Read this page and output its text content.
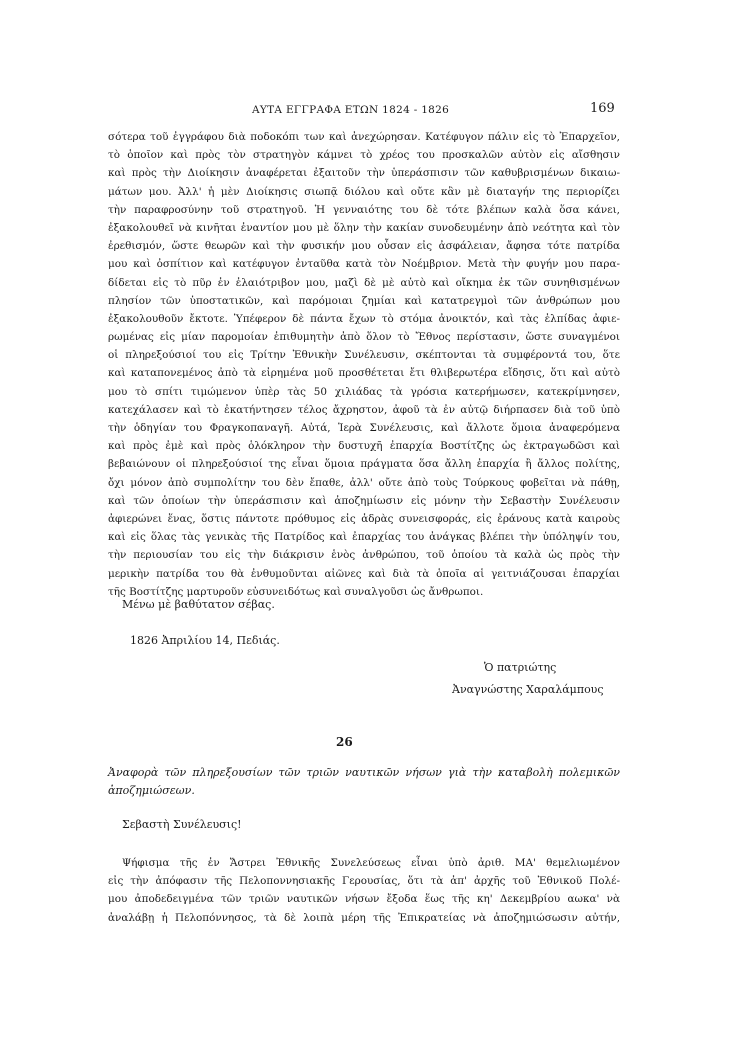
ΑΥΤΑ ΕΓΓΡΑΦΑ ΕΤΩΝ 1824 - 1826	169
σότερα τοῦ ἐγγράφου διὰ ποδοκόπι των καὶ ἀνεχώρησαν. Κατέφυγον πάλιν εἰς τὸ Ἐπαρχεῖον,
τὸ ὁποῖον καὶ πρὸς τὸν στρατηγὸν κάμνει τὸ χρέος του προσκαλῶν αὐτὸν εἰς αἴσθησιν
καὶ πρὸς τὴν Διοίκησιν ἀναφέρεται ἐξαιτοῦν τὴν ὑπεράσπισιν τῶν καθυβρισμένων δικαιω-
μάτων μου. Ἀλλ' ἡ μὲν Διοίκησις σιωπᾷ διόλου καὶ οὔτε κἂν μὲ διαταγήν της περιορίζει
τὴν παραφροσύνην τοῦ στρατηγοῦ. Ἡ γενναιότης του δὲ τότε βλέπων καλὰ ὅσα κάνει,
ἐξακολουθεῖ νὰ κινῆται ἐναντίον μου μὲ ὅλην τὴν κακίαν συνοδευμένην ἀπὸ νεότητα καὶ τὸν
ἐρεθισμόν, ὥστε θεωρῶν καὶ τὴν φυσικήν μου οὖσαν εἰς ἀσφάλειαν, ἄφησα τότε πατρίδα
μου καὶ ὀσπίτιον καὶ κατέφυγον ἐνταῦθα κατὰ τὸν Νοέμβριον. Μετὰ τὴν φυγήν μου παρα-
δίδεται εἰς τὸ πῦρ ἐν ἐλαιότριβον μου, μαζὶ δὲ μὲ αὐτὸ καὶ οἴκημα ἐκ τῶν συνηθισμένων
πλησίον τῶν ὑποστατικῶν, καὶ παρόμοιαι ζημίαι καὶ κατατρεγμοὶ τῶν ἀνθρώπων μου
ἐξακολουθοῦν ἔκτοτε. Ὑπέφερον δὲ πάντα ἔχων τὸ στόμα ἀνοικτόν, καὶ τὰς ἐλπίδας ἀφιε-
ρωμένας εἰς μίαν παρομοίαν ἐπιθυμητὴν ἀπὸ ὅλον τὸ Ἔθνος περίστασιν, ὥστε συναγμένοι
οἱ πληρεξούσιοί του εἰς Τρίτην Ἐθνικὴν Συνέλευσιν, σκέπτονται τὰ συμφέροντά του, ὅτε
καὶ καταπονεμένος ἀπὸ τὰ εἰρημένα μοῦ προσθέτεται ἔτι θλιβερωτέρα εἴδησις, ὅτι καὶ αὐτὸ
μου τὸ σπίτι τιμώμενον ὑπὲρ τὰς 50 χιλιάδας τὰ γρόσια κατερήμωσεν, κατεκρίμνησεν,
κατεχάλασεν καὶ τὸ ἐκατήντησεν τέλος ἄχρηστον, ἀφοῦ τὰ ἐν αὐτῷ διήρπασεν διὰ τοῦ ὑπὸ
τὴν ὁδηγίαν του Φραγκοπαναγῆ. Αὐτά, Ἱερὰ Συνέλευσις, καὶ ἄλλοτε ὅμοια ἀναφερόμενα
καὶ πρὸς ἐμὲ καὶ πρὸς ὁλόκληρον τὴν δυστυχῆ ἐπαρχία Βοστίτζης ὡς ἐκτραγωδῶσι καὶ
βεβαιώνουν οἱ πληρεξούσιοί της εἶναι ὅμοια πράγματα ὅσα ἄλλη ἐπαρχία ἢ ἄλλος πολίτης,
ὄχι μόνον ἀπὸ συμπολίτην του δὲν ἔπαθε, ἀλλ' οὔτε ἀπὸ τοὺς Τούρκους φοβεῖται νὰ πάθῃ,
καὶ τῶν ὁποίων τὴν ὑπεράσπισιν καὶ ἀποζημίωσιν εἰς μόνην τὴν Σεβαστὴν Συνέλευσιν
ἀφιερώνει ἕνας, ὅστις πάντοτε πρόθυμος εἰς ἁδρὰς συνεισφοράς, εἰς ἐράνους κατὰ καιροὺς
καὶ εἰς ὅλας τὰς γενικὰς τῆς Πατρίδος καὶ ἐπαρχίας του ἀνάγκας βλέπει τὴν ὑπόληψίν του,
τὴν περιουσίαν του εἰς τὴν διάκρισιν ἑνὸς ἀνθρώπου, τοῦ ὁποίου τὰ καλὰ ὡς πρὸς τὴν
μερικὴν πατρίδα του θὰ ἐνθυμοῦνται αἰῶνες καὶ διὰ τὰ ὁποῖα αἱ γειτνιάζουσαι ἐπαρχίαι
τῆς Βοστίτζης μαρτυροῦν εὐσυνειδότως καὶ συναλγοῦσι ὡς ἄνθρωποι.
Μένω μὲ βαθύτατον σέβας.
1826 Ἀπριλίου 14, Πεδιάς.
Ὁ πατριώτης
Ἀναγνώστης Χαραλάμπους
26
Ἀναφορὰ τῶν πληρεξουσίων τῶν τριῶν ναυτικῶν νήσων γιὰ τὴν καταβολὴ πολεμικῶν
ἀποζημιώσεων.
Σεβαστὴ Συνέλευσις!
Ψήφισμα τῆς ἐν Ἄστρει Ἐθνικῆς Συνελεύσεως εἶναι ὑπὸ ἀριθ. ΜΑ' θεμελιωμένον
εἰς τὴν ἀπόφασιν τῆς Πελοποννησιακῆς Γερουσίας, ὅτι τὰ ἀπ' ἀρχῆς τοῦ Ἐθνικοῦ Πολέ-
μου ἀποδεδειγμένα τῶν τριῶν ναυτικῶν νήσων ἔξοδα ἕως τῆς κη' Δεκεμβρίου αωκα' νὰ
ἀναλάβῃ ἡ Πελοπόννησος, τὰ δὲ λοιπὰ μέρη τῆς Ἐπικρατείας νὰ ἀποζημιώσωσιν αὐτήν,
